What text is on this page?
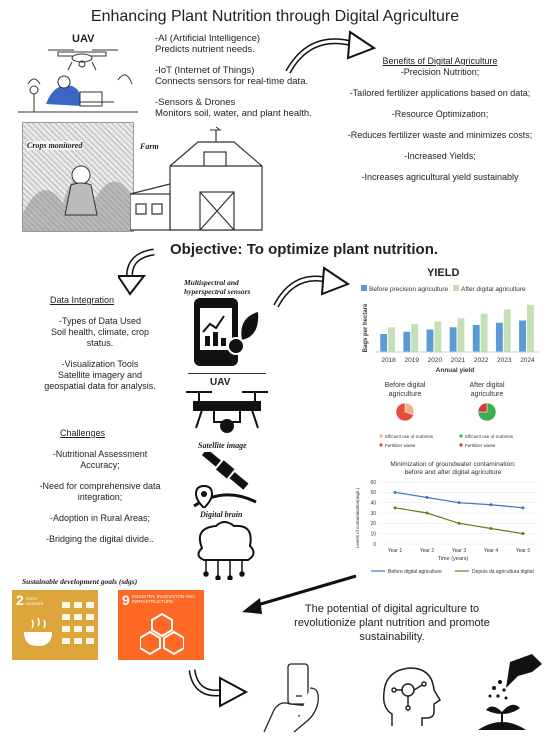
Enhancing Plant Nutrition through Digital Agriculture
UAV	-AI (Artificial Intelligence)
Predicts nutrient needs.
-IoT (Internet of Things)
Connects sensors for real-time data.
-Sensors & Drones
Monitors soil, water, and plant health.
Benefits of Digital Agriculture
-Precision Nutrition;
-Tailored fertilizer applications based on data;
-Resource Optimization;
-Reduces fertilizer waste and minimizes costs;
-Increased Yields;
-Increases agricultural yield sustainably
Crops monitored	Farm
Objective: To optimize plant nutrition.
Data Integration
-Types of Data Used
Soil health, climate, crop
status.
-Visualization Tools
Satellite imagery and
geospatial data for analysis.
Challenges
-Nutritional Assessment
Accuracy;
-Need for comprehensive data
integration;
-Adoption in Rural Areas;
-Bridging the digital divide..
Multispectral and
hyperspectral sensors
UAV
Satellite image
Digital brain
YIELD
Before precision agriculture After digital agriculture
Bags per hectare
2018 2019 2020 2021 2022 2023 2024
Annual yield
Before digital
agriculture
After digital
agriculture
Efficient use of nutrients
Fertilizer waste
Efficient use of nutrients
Fertilizer waste
Minimization of groundwater contamination:
before and after digital agriculture
Levels of contamination(mg/L)	0
10
20
30
40
50
60
Year 1	Year 2	Year 3	Year 4	Year 5
Time (years)
Before digital agriculture	Depois da agricultura digital
Sustainable development goals (sdgs)
2 ZERO HUNGER	9 INDUSTRY, INNOVATION AND INFRASTRUCTURE
The potential of digital agriculture to revolutionize plant nutrition and promote sustainability.
